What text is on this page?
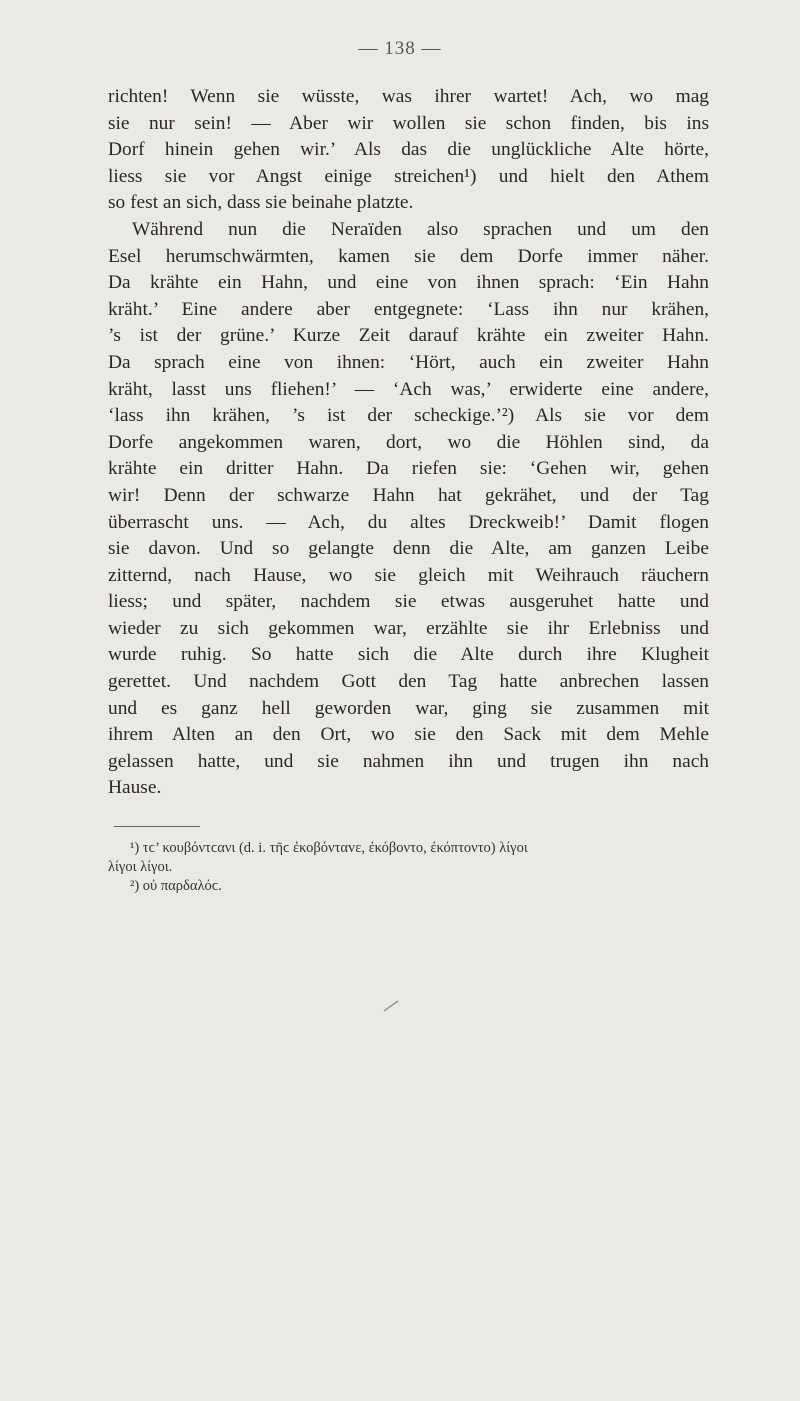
— 138 —
richten! Wenn sie wüsste, was ihrer wartet! Ach, wo mag
sie nur sein! — Aber wir wollen sie schon finden, bis ins
Dorf hinein gehen wir.’ Als das die unglückliche Alte hörte,
liess sie vor Angst einige streichen¹) und hielt den Athem
so fest an sich, dass sie beinahe platzte.
Während nun die Neraïden also sprachen und um den
Esel herumschwärmten, kamen sie dem Dorfe immer näher.
Da krähte ein Hahn, und eine von ihnen sprach: ‘Ein Hahn
kräht.’ Eine andere aber entgegnete: ‘Lass ihn nur krähen,
’s ist der grüne.’ Kurze Zeit darauf krähte ein zweiter Hahn.
Da sprach eine von ihnen: ‘Hört, auch ein zweiter Hahn
kräht, lasst uns fliehen!’ — ‘Ach was,’ erwiderte eine andere,
‘lass ihn krähen, ’s ist der scheckige.’²) Als sie vor dem
Dorfe angekommen waren, dort, wo die Höhlen sind, da
krähte ein dritter Hahn. Da riefen sie: ‘Gehen wir, gehen
wir! Denn der schwarze Hahn hat gekrähet, und der Tag
überrascht uns. — Ach, du altes Dreckweib!’ Damit flogen
sie davon. Und so gelangte denn die Alte, am ganzen Leibe
zitternd, nach Hause, wo sie gleich mit Weihrauch räuchern
liess; und später, nachdem sie etwas ausgeruhet hatte und
wieder zu sich gekommen war, erzählte sie ihr Erlebniss und
wurde ruhig. So hatte sich die Alte durch ihre Klugheit
gerettet. Und nachdem Gott den Tag hatte anbrechen lassen
und es ganz hell geworden war, ging sie zusammen mit
ihrem Alten an den Ort, wo sie den Sack mit dem Mehle
gelassen hatte, und sie nahmen ihn und trugen ihn nach
Hause.
¹) τϲ’ κουβόντϲανι (d. i. τῆϲ ἐκοβόνταvε, ἐκόβοντο, ἐκόπτοντο) λίγοι
λίγοι λίγοι.
²) οὐ παρδαλόϲ.
